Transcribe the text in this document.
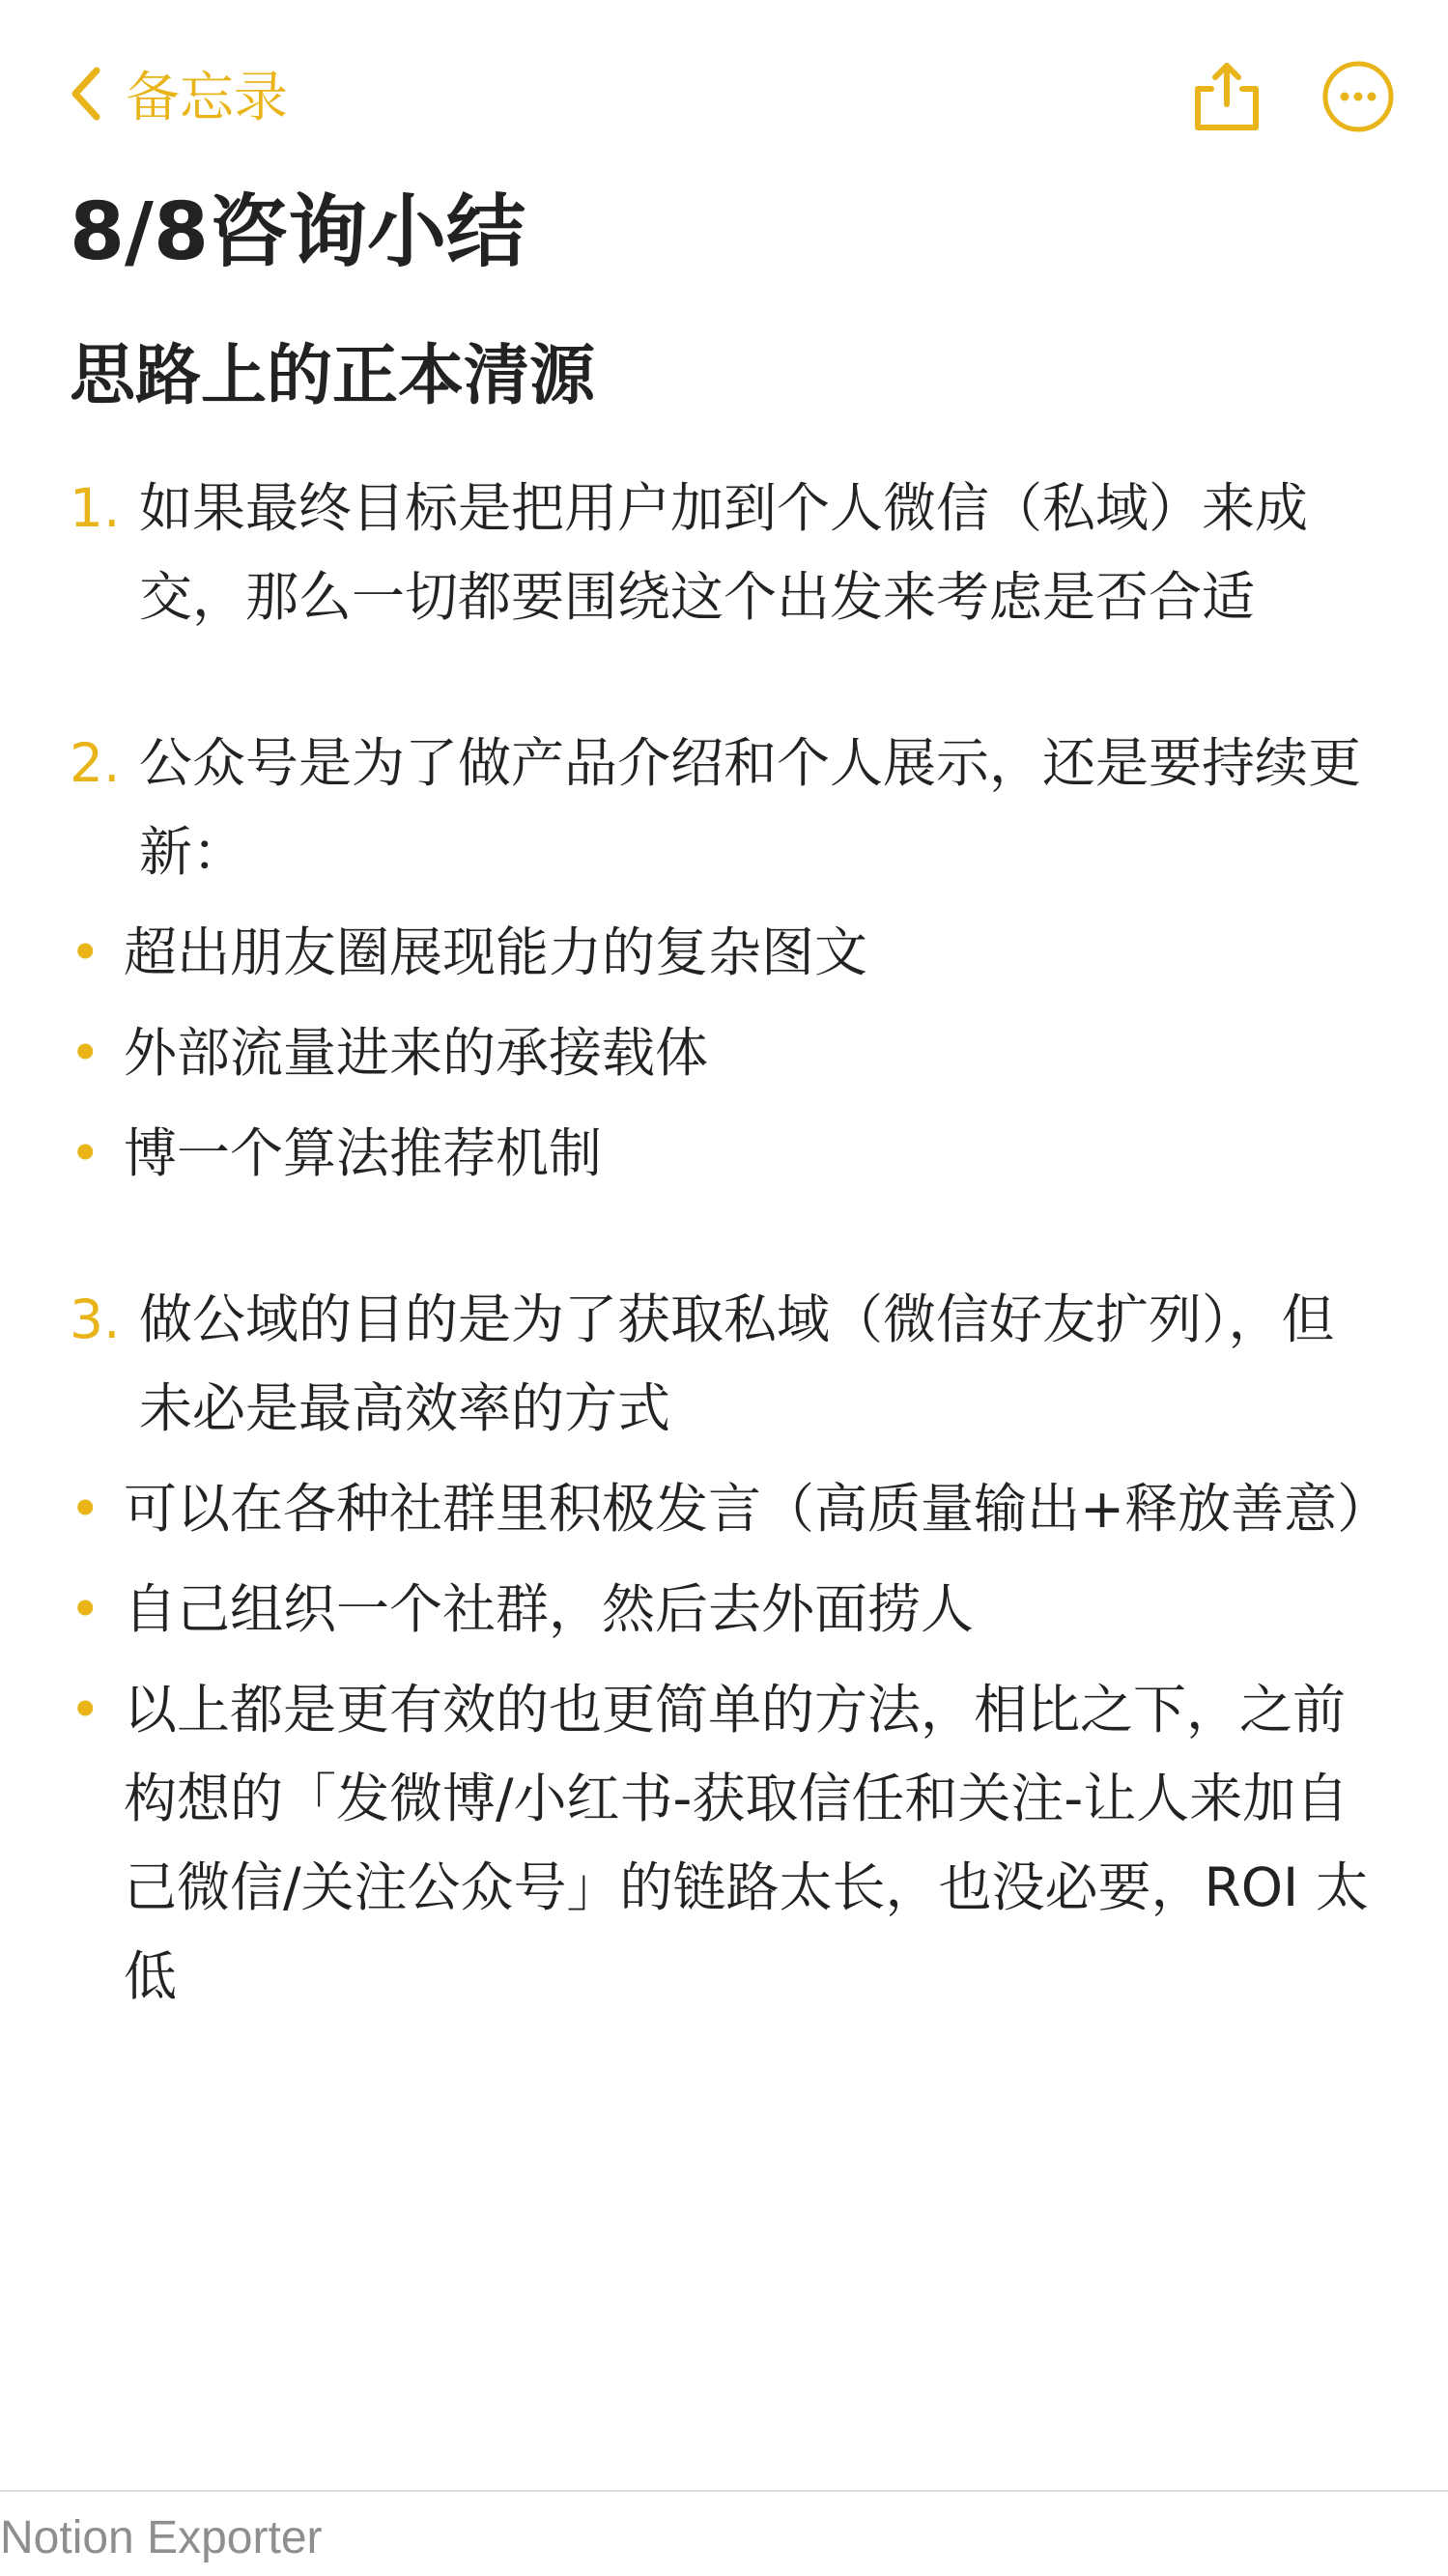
备忘录
8/8咨询小结
思路上的正本清源
1. 如果最终目标是把用户加到个人微信（私域）来成交，那么一切都要围绕这个出发来考虑是否合适
2. 公众号是为了做产品介绍和个人展示，还是要持续更新：
• 超出朋友圈展现能力的复杂图文
• 外部流量进来的承接载体
• 博一个算法推荐机制
3. 做公域的目的是为了获取私域（微信好友扩列），但未必是最高效率的方式
• 可以在各种社群里积极发言（高质量输出+释放善意）
• 自己组织一个社群，然后去外面捞人
• 以上都是更有效的也更简单的方法，相比之下，之前构想的「发微博/小红书-获取信任和关注-让人来加自己微信/关注公众号」的链路太长，也没必要，ROI 太低
Notion Exporter
